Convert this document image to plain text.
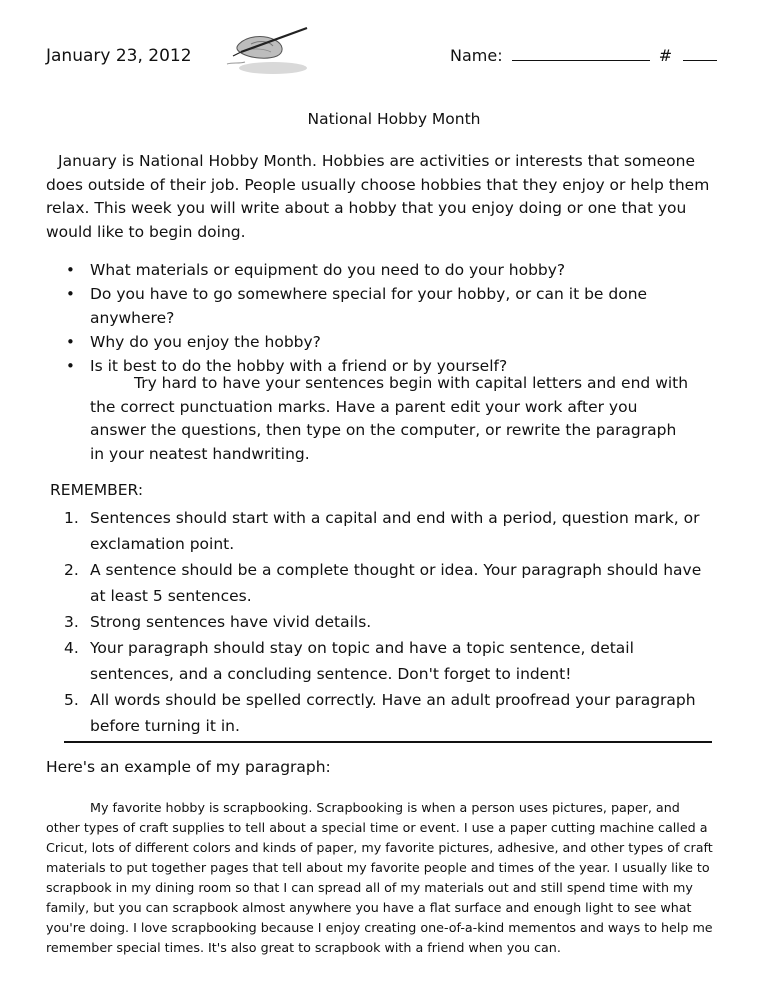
January 23, 2012	Name:	#
National Hobby Month
January is National Hobby Month. Hobbies are activities or interests that someone does outside of their job. People usually choose hobbies that they enjoy or help them relax. This week you will write about a hobby that you enjoy doing or one that you would like to begin doing.
• What materials or equipment do you need to do your hobby?
• Do you have to go somewhere special for your hobby, or can it be done anywhere?
• Why do you enjoy the hobby?
• Is it best to do the hobby with a friend or by yourself?
Try hard to have your sentences begin with capital letters and end with the correct punctuation marks. Have a parent edit your work after you answer the questions, then type on the computer, or rewrite the paragraph in your neatest handwriting.
REMEMBER:
1. Sentences should start with a capital and end with a period, question mark, or exclamation point.
2. A sentence should be a complete thought or idea. Your paragraph should have at least 5 sentences.
3. Strong sentences have vivid details.
4. Your paragraph should stay on topic and have a topic sentence, detail sentences, and a concluding sentence. Don't forget to indent!
5. All words should be spelled correctly. Have an adult proofread your paragraph before turning it in.
Here's an example of my paragraph:
My favorite hobby is scrapbooking. Scrapbooking is when a person uses pictures, paper, and other types of craft supplies to tell about a special time or event. I use a paper cutting machine called a Cricut, lots of different colors and kinds of paper, my favorite pictures, adhesive, and other types of craft materials to put together pages that tell about my favorite people and times of the year. I usually like to scrapbook in my dining room so that I can spread all of my materials out and still spend time with my family, but you can scrapbook almost anywhere you have a flat surface and enough light to see what you're doing. I love scrapbooking because I enjoy creating one-of-a-kind mementos and ways to help me remember special times. It's also great to scrapbook with a friend when you can.
